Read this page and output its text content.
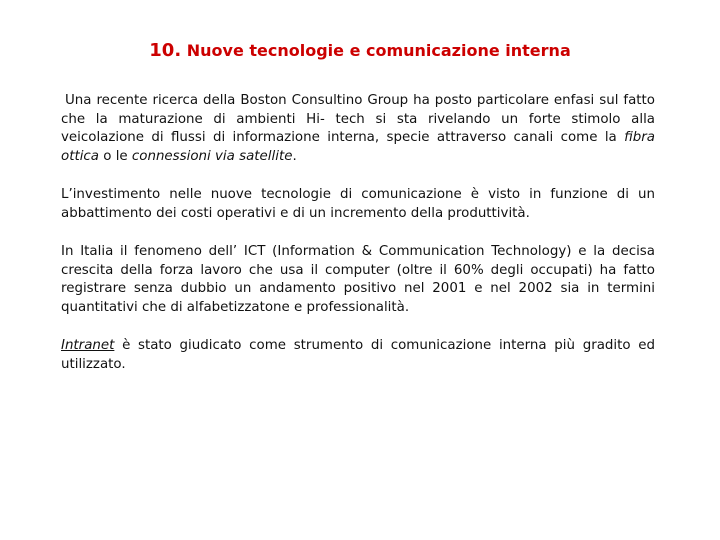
10. Nuove tecnologie e comunicazione interna

Una recente ricerca della Boston Consultino Group ha posto particolare enfasi sul fatto che la maturazione di ambienti Hi- tech si sta rivelando un forte stimolo alla veicolazione di flussi di informazione interna, specie attraverso canali come la fibra ottica o le connessioni via satellite.

L’investimento nelle nuove tecnologie di comunicazione è visto in funzione di un abbattimento dei costi operativi e di un incremento della produttività.

In Italia il fenomeno dell’ ICT (Information & Communication Technology) e la decisa crescita della forza lavoro che usa il computer (oltre il 60% degli occupati) ha fatto registrare senza dubbio un andamento positivo nel 2001 e nel 2002 sia in termini quantitativi che di alfabetizzatone e professionalità.

Intranet è stato giudicato come strumento di comunicazione interna più gradito ed utilizzato.
